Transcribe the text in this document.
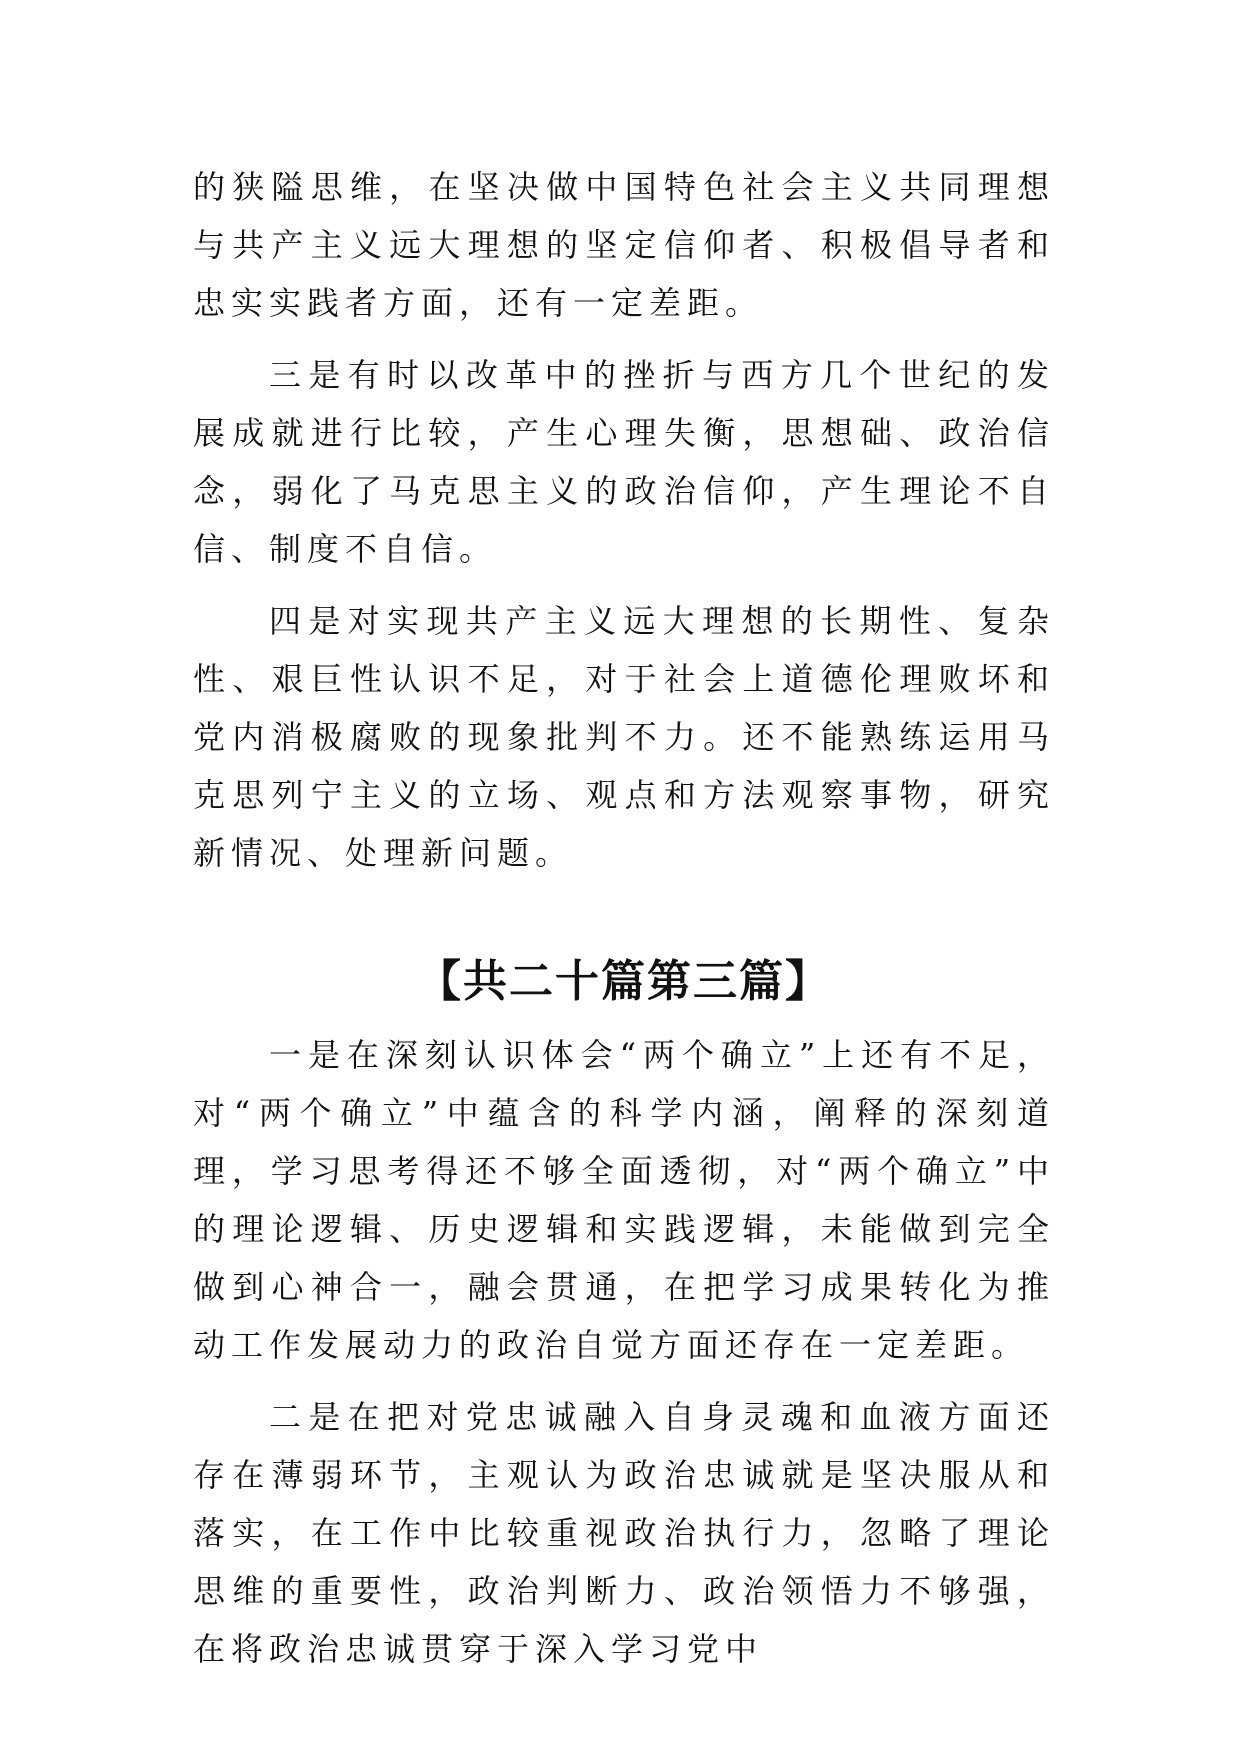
的狭隘思维，在坚决做中国特色社会主义共同理想与共产主义远大理想的坚定信仰者、积极倡导者和忠实实践者方面，还有一定差距。

三是有时以改革中的挫折与西方几个世纪的发展成就进行比较，产生心理失衡，思想础、政治信念，弱化了马克思主义的政治信仰，产生理论不自信、制度不自信。

四是对实现共产主义远大理想的长期性、复杂性、艰巨性认识不足，对于社会上道德伦理败坏和党内消极腐败的现象批判不力。还不能熟练运用马克思列宁主义的立场、观点和方法观察事物，研究新情况、处理新问题。

【共二十篇第三篇】

一是在深刻认识体会“两个确立”上还有不足，对“两个确立”中蕴含的科学内涵，阐释的深刻道理，学习思考得还不够全面透彻，对“两个确立”中的理论逻辑、历史逻辑和实践逻辑，未能做到完全做到心神合一，融会贯通，在把学习成果转化为推动工作发展动力的政治自觉方面还存在一定差距。

二是在把对党忠诚融入自身灵魂和血液方面还存在薄弱环节，主观认为政治忠诚就是坚决服从和落实，在工作中比较重视政治执行力，忽略了理论思维的重要性，政治判断力、政治领悟力不够强，在将政治忠诚贯穿于深入学习党中
